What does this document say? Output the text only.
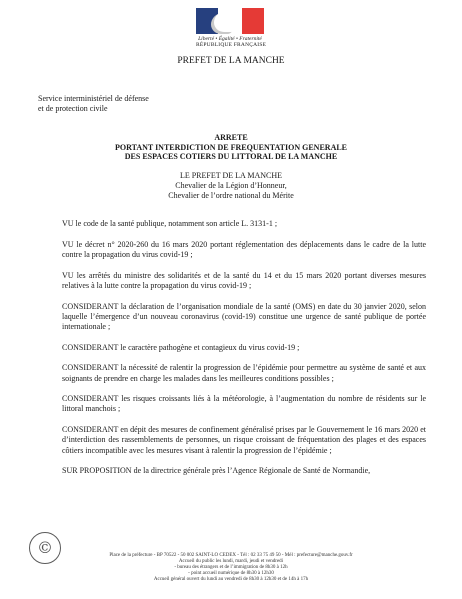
Liberté • Égalité • Fraternité
RÉPUBLIQUE FRANÇAISE
PREFET DE LA MANCHE
Service interministériel de défense
et de protection civile
ARRETE
PORTANT INTERDICTION DE FREQUENTATION GENERALE
DES ESPACES COTIERS DU LITTORAL DE LA MANCHE
LE PREFET DE LA MANCHE
Chevalier de la Légion d’Honneur,
Chevalier de l’ordre national du Mérite

VU le code de la santé publique, notamment son article L. 3131-1 ;

VU le décret n° 2020-260 du 16 mars 2020 portant réglementation des déplacements dans le cadre de la lutte contre la propagation du virus covid-19 ;

VU les arrêtés du ministre des solidarités et de la santé du 14 et du 15 mars 2020 portant diverses mesures relatives à la lutte contre la propagation du virus covid-19 ;

CONSIDERANT la déclaration de l’organisation mondiale de la santé (OMS) en date du 30 janvier 2020, selon laquelle l’émergence d’un nouveau coronavirus (covid-19) constitue une urgence de santé publique de portée internationale ;

CONSIDERANT le caractère pathogène et contagieux du virus covid-19 ;

CONSIDERANT la nécessité de ralentir la progression de l’épidémie pour permettre au système de santé et aux soignants de prendre en charge les malades dans les meilleures conditions possibles ;

CONSIDERANT les risques croissants liés à la météorologie, à l’augmentation du nombre de résidents sur le littoral manchois ;

CONSIDERANT en dépit des mesures de confinement généralisé prises par le Gouvernement le 16 mars 2020 et d’interdiction des rassemblements de personnes, un risque croissant de fréquentation des plages et des espaces côtiers incompatible avec les mesures visant à ralentir la progression de l’épidémie ;

SUR PROPOSITION de la directrice générale près l’Agence Régionale de Santé de Normandie,

©	Place de la préfecture - BP 70522 - 50 002 SAINT-LO CEDEX - Tél : 02 33 75 49 50 - Mél : prefecture@manche.gouv.fr
Accueil du public les lundi, mardi, jeudi et vendredi
- bureau des étrangers et de l’immigration de 8h30 à 12h
- point accueil numérique de 8h30 à 12h30
Accueil général ouvert du lundi au vendredi de 8h30 à 12h30 et de 14h à 17h
